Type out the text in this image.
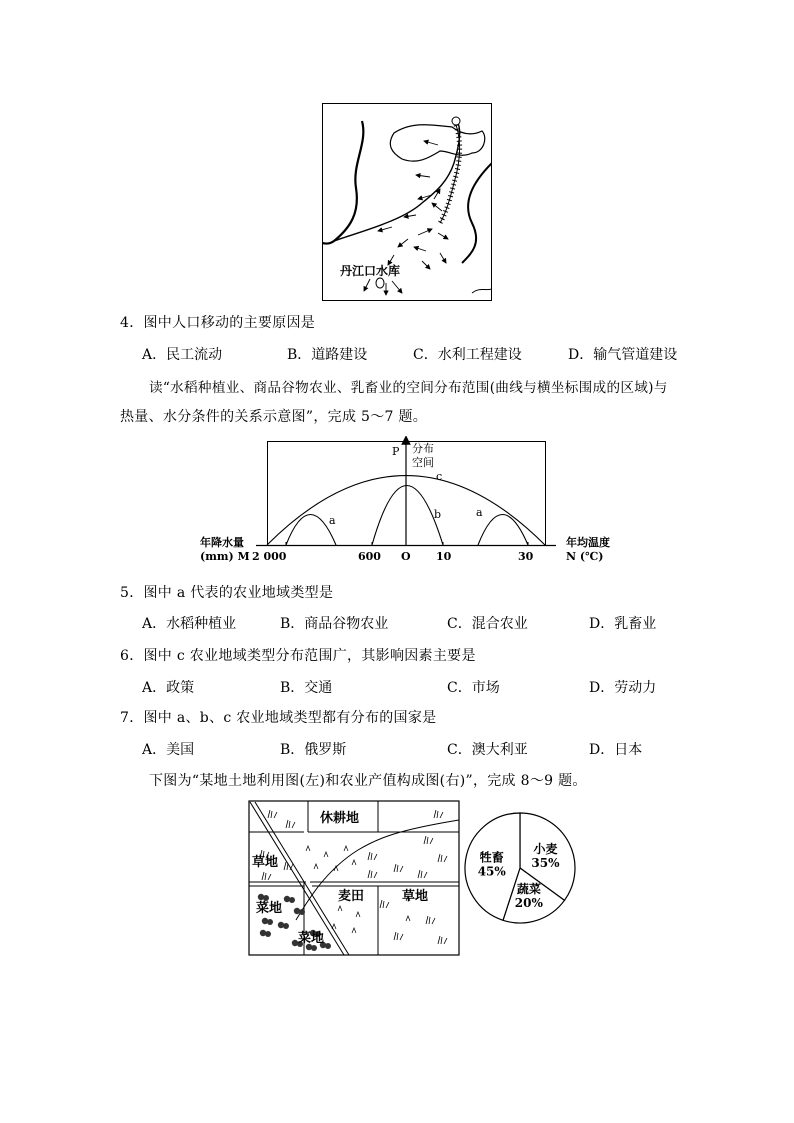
丹江口水库
4．图中人口移动的主要原因是
A．民工流动	B．道路建设	C．水利工程建设	D．输气管道建设
读“水稻种植业、商品谷物农业、乳畜业的空间分布范围(曲线与横坐标围成的区域)与
热量、水分条件的关系示意图”，完成 5～7 题。
P 分布
空间
c
b
a
a
年降水量
(mm) M 2 000	600 O 10	30
年均温度
N (℃)
5．图中 a 代表的农业地域类型是
A．水稻种植业	B．商品谷物农业	C．混合农业	D．乳畜业
6．图中 c 农业地域类型分布范围广，其影响因素主要是
A．政策	B．交通	C．市场	D．劳动力
7．图中 a、b、c 农业地域类型都有分布的国家是
A．美国	B．俄罗斯	C．澳大利亚	D．日本
下图为“某地土地利用图(左)和农业产值构成图(右)”，完成 8～9 题。
休耕地
草地
菜地
菜地
麦田	草地
小麦
35%
蔬菜
20%
牲畜
45%
